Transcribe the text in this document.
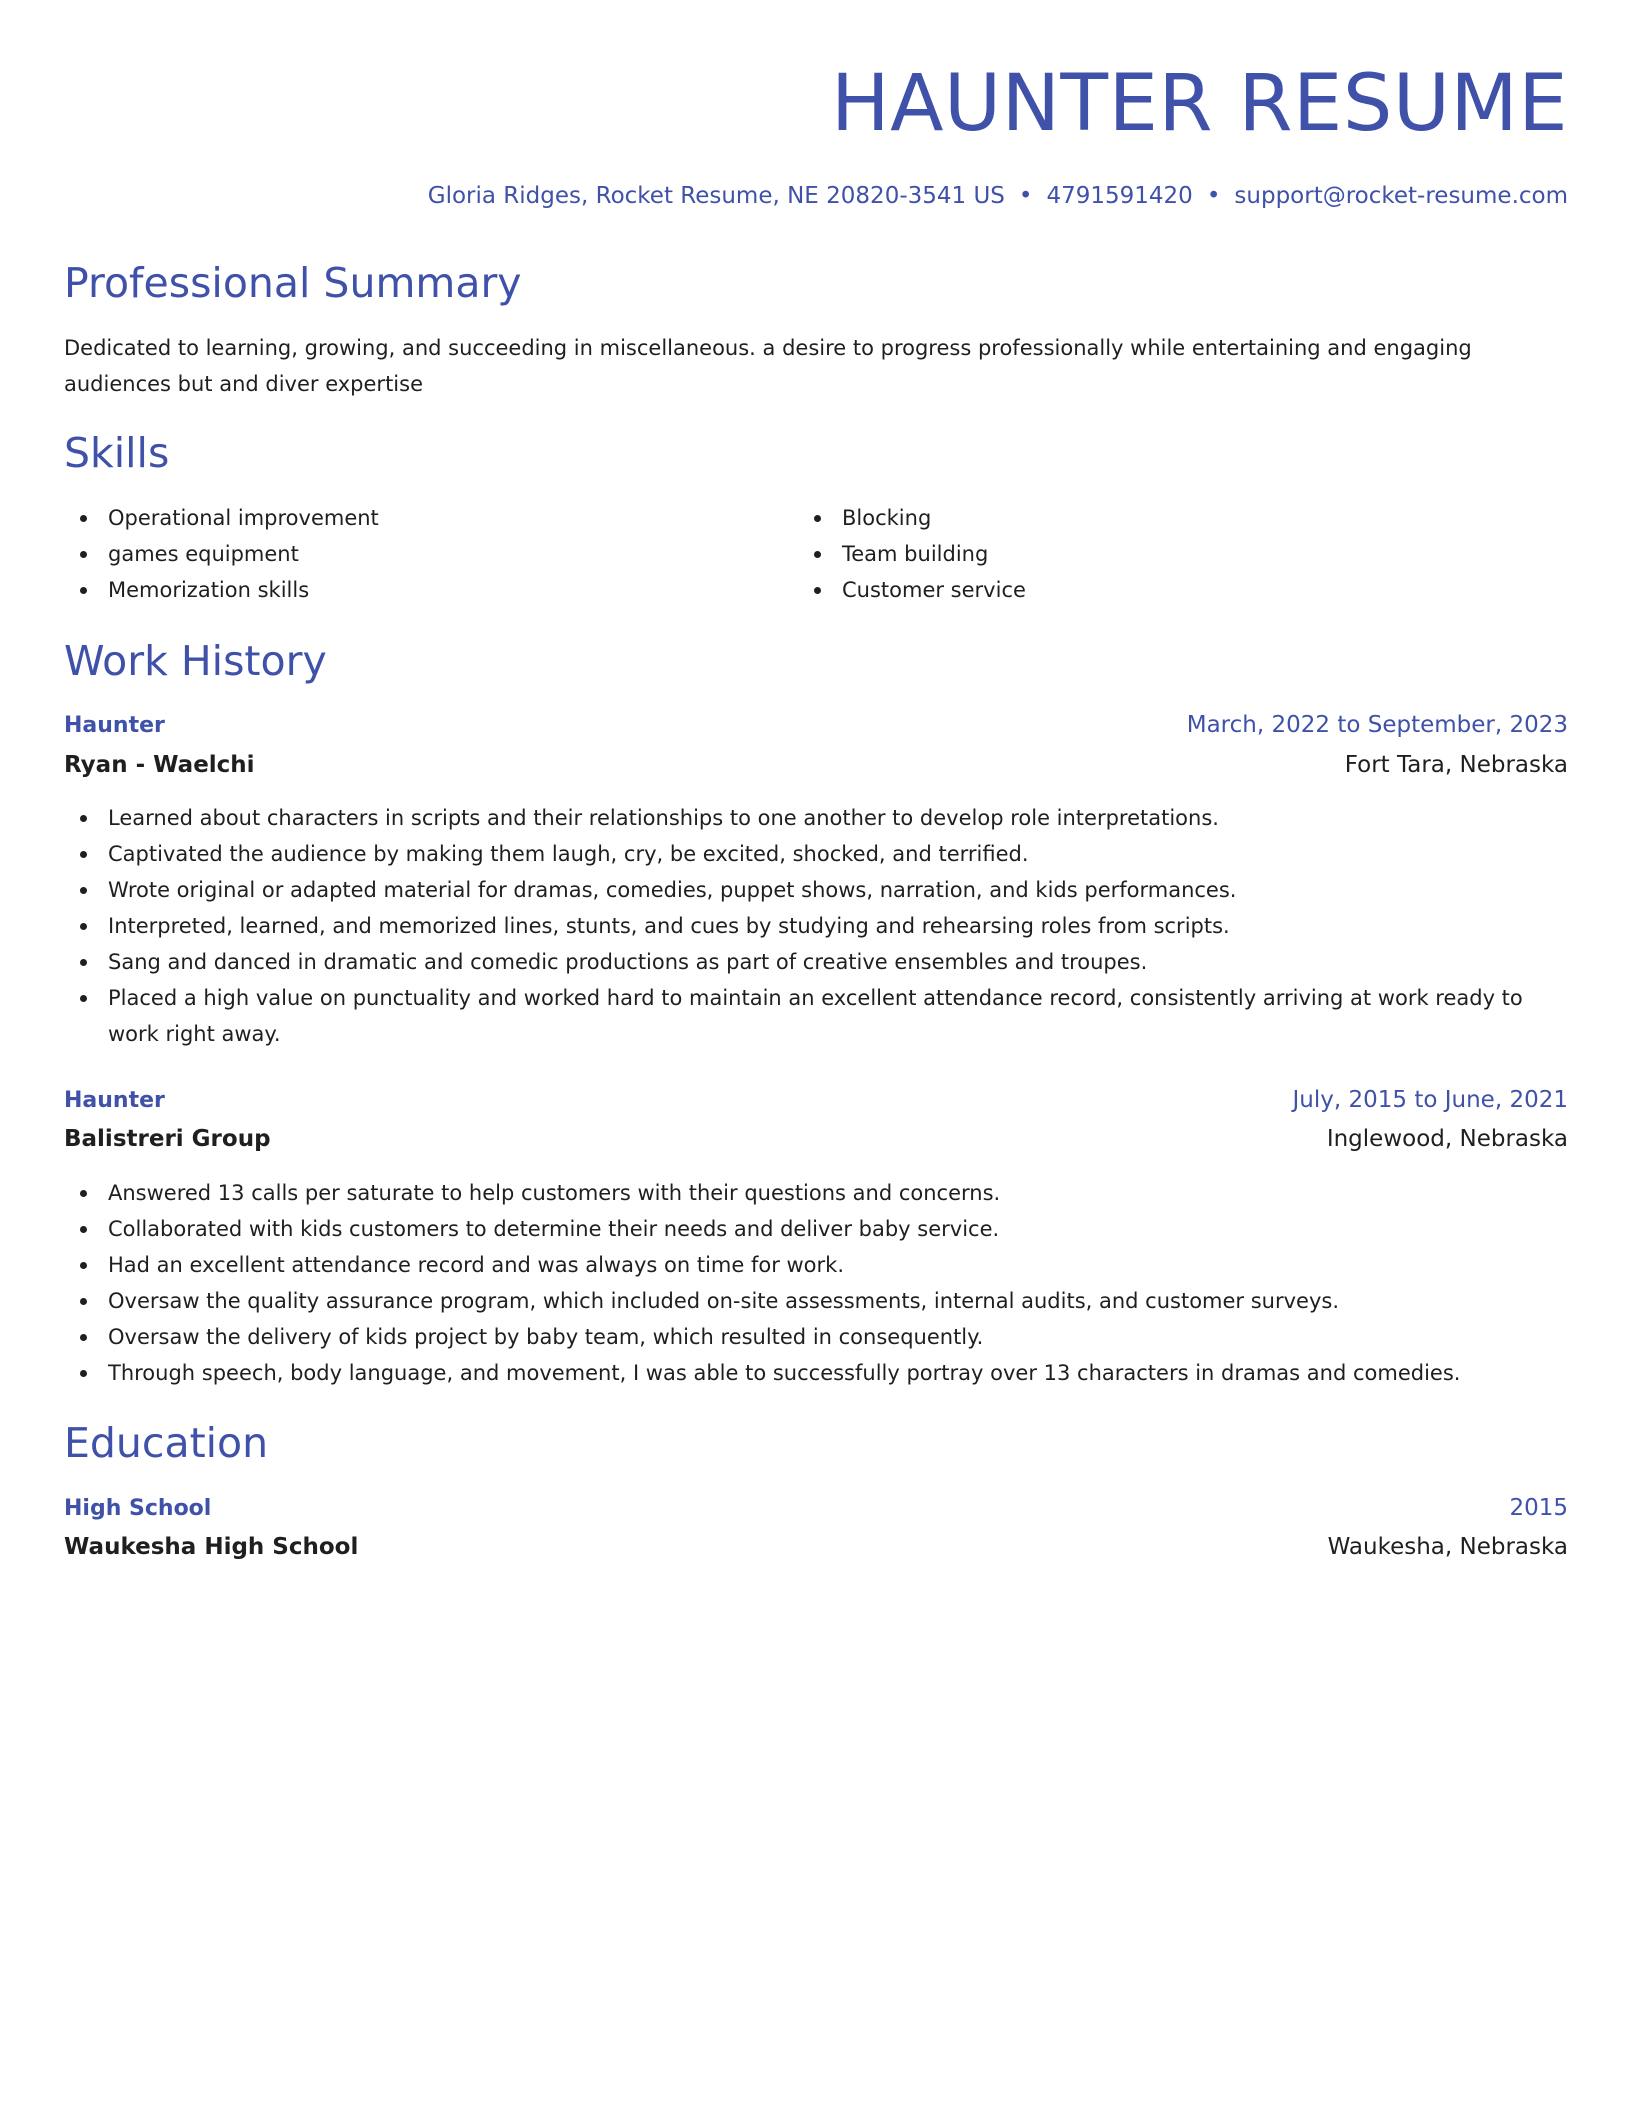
HAUNTER RESUME
Gloria Ridges, Rocket Resume, NE 20820-3541 US • 4791591420 • support@rocket-resume.com
Professional Summary

Dedicated to learning, growing, and succeeding in miscellaneous. a desire to progress professionally while entertaining and engaging audiences but and diver expertise

Skills
Operational improvement
games equipment
Memorization skills
Blocking
Team building
Customer service
Work History
Haunter	March, 2022 to September, 2023
Ryan - Waelchi	Fort Tara, Nebraska
Learned about characters in scripts and their relationships to one another to develop role interpretations.
Captivated the audience by making them laugh, cry, be excited, shocked, and terrified.
Wrote original or adapted material for dramas, comedies, puppet shows, narration, and kids performances.
Interpreted, learned, and memorized lines, stunts, and cues by studying and rehearsing roles from scripts.
Sang and danced in dramatic and comedic productions as part of creative ensembles and troupes.
Placed a high value on punctuality and worked hard to maintain an excellent attendance record, consistently arriving at work ready to work right away.
Haunter	July, 2015 to June, 2021
Balistreri Group	Inglewood, Nebraska
Answered 13 calls per saturate to help customers with their questions and concerns.
Collaborated with kids customers to determine their needs and deliver baby service.
Had an excellent attendance record and was always on time for work.
Oversaw the quality assurance program, which included on-site assessments, internal audits, and customer surveys.
Oversaw the delivery of kids project by baby team, which resulted in consequently.
Through speech, body language, and movement, I was able to successfully portray over 13 characters in dramas and comedies.
Education
High School	2015
Waukesha High School	Waukesha, Nebraska
